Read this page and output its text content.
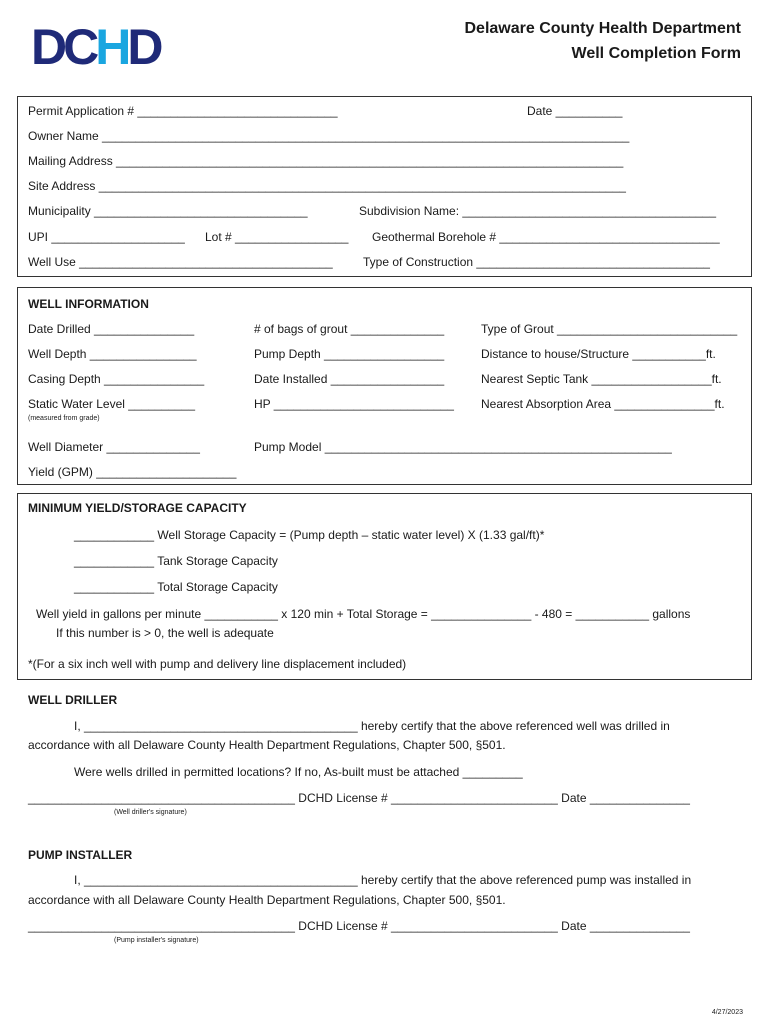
DCHD	Delaware County Health Department
Well Completion Form
Permit Application # ______________________________	Date __________
Owner Name _______________________________________________________________________________
Mailing Address ____________________________________________________________________________
Site Address _______________________________________________________________________________
Municipality ________________________________	Subdivision Name: ______________________________________
UPI ____________________ Lot # _________________ Geothermal Borehole # _________________________________
Well Use ______________________________________	Type of Construction ___________________________________
WELL INFORMATION
Date Drilled _______________	# of bags of grout ______________	Type of Grout ___________________________
Well Depth ________________	Pump Depth __________________	Distance to house/Structure ___________ft.
Casing Depth _______________	Date Installed _________________	Nearest Septic Tank __________________ft.
Static Water Level __________	HP ___________________________ Nearest Absorption Area _______________ft.
(measured from grade)
Well Diameter ______________	Pump Model ____________________________________________________
Yield (GPM) _____________________
MINIMUM YIELD/STORAGE CAPACITY
____________ Well Storage Capacity = (Pump depth – static water level) X (1.33 gal/ft)*
____________ Tank Storage Capacity
____________ Total Storage Capacity
Well yield in gallons per minute ___________ x 120 min + Total Storage = _______________ - 480 = ___________ gallons
If this number is > 0, the well is adequate
*(For a six inch well with pump and delivery line displacement included)
WELL DRILLER
I, _________________________________________ hereby certify that the above referenced well was drilled in
accordance with all Delaware County Health Department Regulations, Chapter 500, §501.
Were wells drilled in permitted locations? If no, As-built must be attached _________
________________________________________ DCHD License # _________________________ Date _______________
(Well driller's signature)
PUMP INSTALLER
I, _________________________________________ hereby certify that the above referenced pump was installed in
accordance with all Delaware County Health Department Regulations, Chapter 500, §501.
________________________________________ DCHD License # _________________________ Date _______________
(Pump installer's signature)
4/27/2023
